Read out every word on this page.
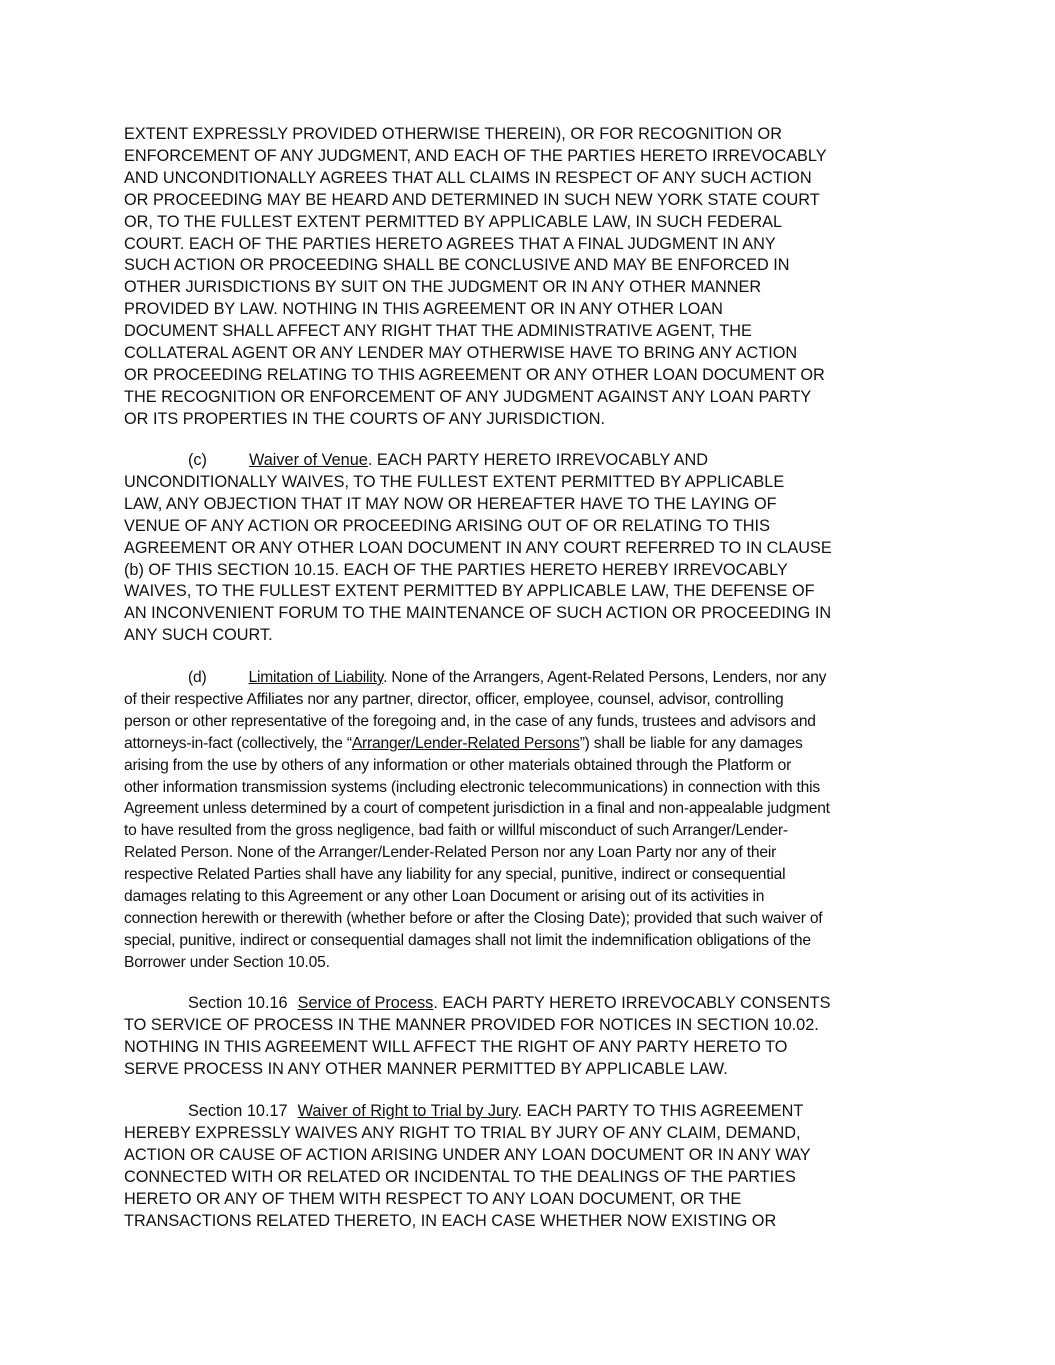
EXTENT EXPRESSLY PROVIDED OTHERWISE THEREIN), OR FOR RECOGNITION OR
ENFORCEMENT OF ANY JUDGMENT, AND EACH OF THE PARTIES HERETO IRREVOCABLY
AND UNCONDITIONALLY AGREES THAT ALL CLAIMS IN RESPECT OF ANY SUCH ACTION
OR PROCEEDING MAY BE HEARD AND DETERMINED IN SUCH NEW YORK STATE COURT
OR, TO THE FULLEST EXTENT PERMITTED BY APPLICABLE LAW, IN SUCH FEDERAL
COURT. EACH OF THE PARTIES HERETO AGREES THAT A FINAL JUDGMENT IN ANY
SUCH ACTION OR PROCEEDING SHALL BE CONCLUSIVE AND MAY BE ENFORCED IN
OTHER JURISDICTIONS BY SUIT ON THE JUDGMENT OR IN ANY OTHER MANNER
PROVIDED BY LAW. NOTHING IN THIS AGREEMENT OR IN ANY OTHER LOAN
DOCUMENT SHALL AFFECT ANY RIGHT THAT THE ADMINISTRATIVE AGENT, THE
COLLATERAL AGENT OR ANY LENDER MAY OTHERWISE HAVE TO BRING ANY ACTION
OR PROCEEDING RELATING TO THIS AGREEMENT OR ANY OTHER LOAN DOCUMENT OR
THE RECOGNITION OR ENFORCEMENT OF ANY JUDGMENT AGAINST ANY LOAN PARTY
OR ITS PROPERTIES IN THE COURTS OF ANY JURISDICTION.
(c)	Waiver of Venue. EACH PARTY HERETO IRREVOCABLY AND
UNCONDITIONALLY WAIVES, TO THE FULLEST EXTENT PERMITTED BY APPLICABLE
LAW, ANY OBJECTION THAT IT MAY NOW OR HEREAFTER HAVE TO THE LAYING OF
VENUE OF ANY ACTION OR PROCEEDING ARISING OUT OF OR RELATING TO THIS
AGREEMENT OR ANY OTHER LOAN DOCUMENT IN ANY COURT REFERRED TO IN CLAUSE
(b) OF THIS SECTION 10.15. EACH OF THE PARTIES HERETO HEREBY IRREVOCABLY
WAIVES, TO THE FULLEST EXTENT PERMITTED BY APPLICABLE LAW, THE DEFENSE OF
AN INCONVENIENT FORUM TO THE MAINTENANCE OF SUCH ACTION OR PROCEEDING IN
ANY SUCH COURT.
(d)	Limitation of Liability. None of the Arrangers, Agent-Related Persons, Lenders, nor any
of their respective Affiliates nor any partner, director, officer, employee, counsel, advisor, controlling
person or other representative of the foregoing and, in the case of any funds, trustees and advisors and
attorneys-in-fact (collectively, the “Arranger/Lender-Related Persons”) shall be liable for any damages
arising from the use by others of any information or other materials obtained through the Platform or
other information transmission systems (including electronic telecommunications) in connection with this
Agreement unless determined by a court of competent jurisdiction in a final and non-appealable judgment
to have resulted from the gross negligence, bad faith or willful misconduct of such Arranger/Lender-
Related Person. None of the Arranger/Lender-Related Person nor any Loan Party nor any of their
respective Related Parties shall have any liability for any special, punitive, indirect or consequential
damages relating to this Agreement or any other Loan Document or arising out of its activities in
connection herewith or therewith (whether before or after the Closing Date); provided that such waiver of
special, punitive, indirect or consequential damages shall not limit the indemnification obligations of the
Borrower under Section 10.05.
Section 10.16 Service of Process. EACH PARTY HERETO IRREVOCABLY CONSENTS
TO SERVICE OF PROCESS IN THE MANNER PROVIDED FOR NOTICES IN SECTION 10.02.
NOTHING IN THIS AGREEMENT WILL AFFECT THE RIGHT OF ANY PARTY HERETO TO
SERVE PROCESS IN ANY OTHER MANNER PERMITTED BY APPLICABLE LAW.
Section 10.17 Waiver of Right to Trial by Jury. EACH PARTY TO THIS AGREEMENT
HEREBY EXPRESSLY WAIVES ANY RIGHT TO TRIAL BY JURY OF ANY CLAIM, DEMAND,
ACTION OR CAUSE OF ACTION ARISING UNDER ANY LOAN DOCUMENT OR IN ANY WAY
CONNECTED WITH OR RELATED OR INCIDENTAL TO THE DEALINGS OF THE PARTIES
HERETO OR ANY OF THEM WITH RESPECT TO ANY LOAN DOCUMENT, OR THE
TRANSACTIONS RELATED THERETO, IN EACH CASE WHETHER NOW EXISTING OR
